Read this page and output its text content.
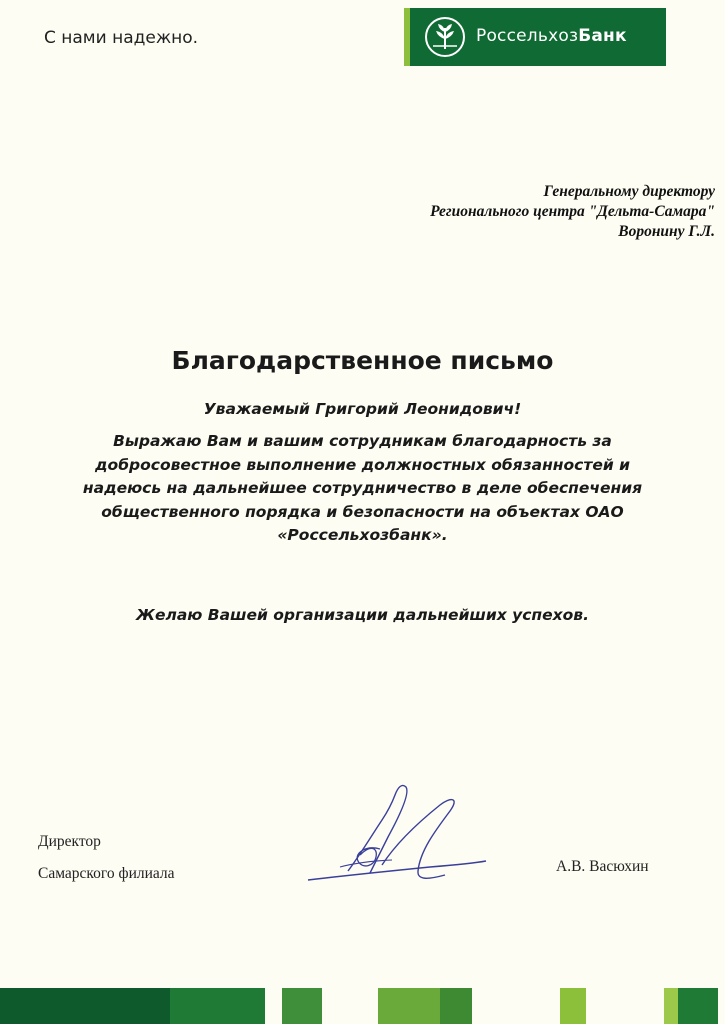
С нами надежно.	РоссельхозБанк
Генеральному директору
Регионального центра "Дельта-Самара"
Воронину Г.Л.
Благодарственное письмо
Уважаемый Григорий Леонидович!
Выражаю Вам и вашим сотрудникам благодарность за
добросовестное выполнение должностных обязанностей и
надеюсь на дальнейшее сотрудничество в деле обеспечения
общественного порядка и безопасности на объектах ОАО
«Россельхозбанк».
Желаю Вашей организации дальнейших успехов.
Директор
Самарского филиала	А.В. Васюхин
